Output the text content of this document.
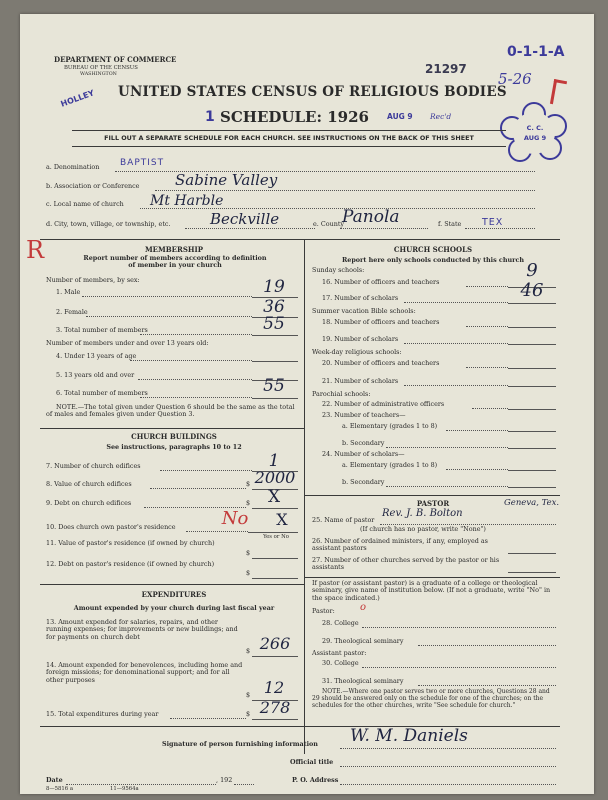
DEPARTMENT OF COMMERCE
BUREAU OF THE CENSUS
WASHINGTON
UNITED STATES CENSUS OF RELIGIOUS BODIES
1 SCHEDULE: 1926 AUG 9 Rec'd
21297
0-1-1-A
5-26
HOLLEY
C. C.
AUG 9
FILL OUT A SEPARATE SCHEDULE FOR EACH CHURCH. SEE INSTRUCTIONS ON THE BACK OF THIS SHEET
a. Denomination BAPTIST
b. Association or Conference Sabine Valley
c. Local name of church Mt Harble
d. City, town, village, or township, etc.	Beckville	e. County
Panola	f. State TEX
R	MEMBERSHIP
Report number of members according to definition of member in your church
Number of members, by sex:
1. Male	19
2. Female	36
3. Total number of members	55
Number of members under and over 13 years old:
4. Under 13 years of age
5. 13 years old and over
6. Total number of members	55
NOTE.—The total given under Question 6 should be the same as the total of males and females given under Question 3.
CHURCH BUILDINGS
See instructions, paragraphs 10 to 12
7. Number of church edifices	1
8. Value of church edifices	$ 2000
9. Debt on church edifices	$	X
10. Does church own pastor's residence	No	X
Yes or No
11. Value of pastor's residence (if owned by church)
$
12. Debt on pastor's residence (if owned by church)
$
EXPENDITURES
Amount expended by your church during last fiscal year
13. Amount expended for salaries, repairs, and other running expenses; for improvements or new buildings; and for payments on church debt
$ 266
14. Amount expended for benevolences, including home and foreign missions; for denominational support; and for all other purposes
$ 12
15. Total expenditures during year	$ 278
CHURCH SCHOOLS
Report here only schools conducted by this church
Sunday schools:
16. Number of officers and teachers
9
17. Number of scholars	46
Summer vacation Bible schools:
18. Number of officers and teachers
19. Number of scholars
Week-day religious schools:
20. Number of officers and teachers
21. Number of scholars
Parochial schools:
22. Number of administrative officers
23. Number of teachers—
a. Elementary (grades 1 to 8)
b. Secondary
24. Number of scholars—
a. Elementary (grades 1 to 8)
b. Secondary
PASTOR
25. Name of pastor
Rev. J. B. Bolton
Geneva, Tex.
(If church has no pastor, write "None")
26. Number of ordained ministers, if any, employed as assistant pastors
27. Number of other churches served by the pastor or his assistants
If pastor (or assistant pastor) is a graduate of a college or theological seminary, give name of institution below. (If not a graduate, write "No" in the space indicated.)
Pastor:	o
28. College
29. Theological seminary
Assistant pastor:
30. College
31. Theological seminary
NOTE.—Where one pastor serves two or more churches, Questions 28 and 29 should be answered only on the schedule for one of the churches; on the schedules for the other churches, write "See schedule for church."
Signature of person furnishing information W. M. Daniels
Official title
Date	, 192	P. O. Address
8—5816 a	11—9564a
